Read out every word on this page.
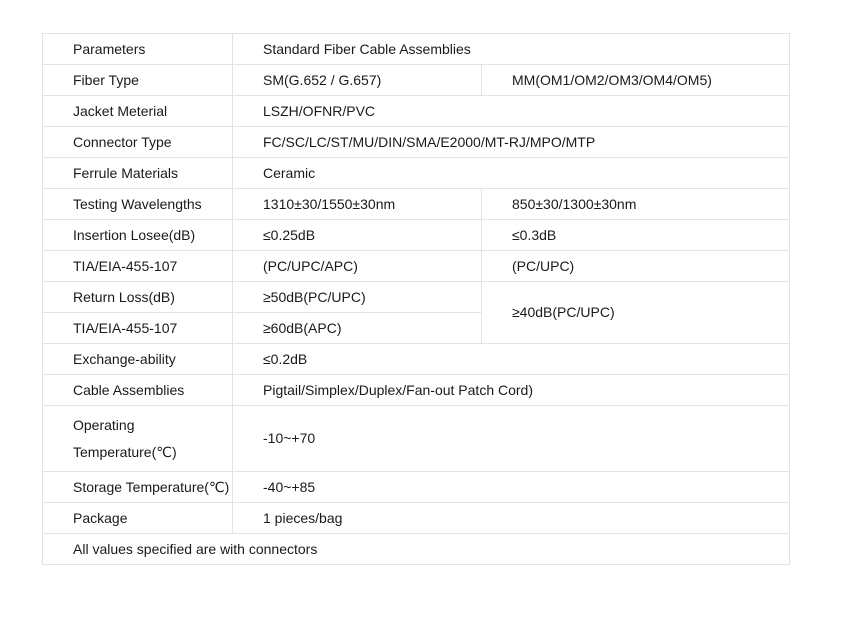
Parameters	Standard Fiber Cable Assemblies	
Fiber Type	SM(G.652 / G.657)	MM(OM1/OM2/OM3/OM4/OM5)
Jacket Meterial	LSZH/OFNR/PVC	
Connector Type	FC/SC/LC/ST/MU/DIN/SMA/E2000/MT-RJ/MPO/MTP	
Ferrule Materials	Ceramic	
Testing Wavelengths	1310±30/1550±30nm	850±30/1300±30nm
Insertion Losee(dB)	≤0.25dB	≤0.3dB
TIA/EIA-455-107	(PC/UPC/APC)	(PC/UPC)
Return Loss(dB)	≥50dB(PC/UPC)	≥40dB(PC/UPC)
TIA/EIA-455-107	≥60dB(APC)	
Exchange-ability	≤0.2dB	
Cable Assemblies	Pigtail/Simplex/Duplex/Fan-out Patch Cord)	
Operating Temperature(℃)	-10~+70	
Storage Temperature(℃)	-40~+85	
Package	1 pieces/bag	
All values specified are with connectors		
